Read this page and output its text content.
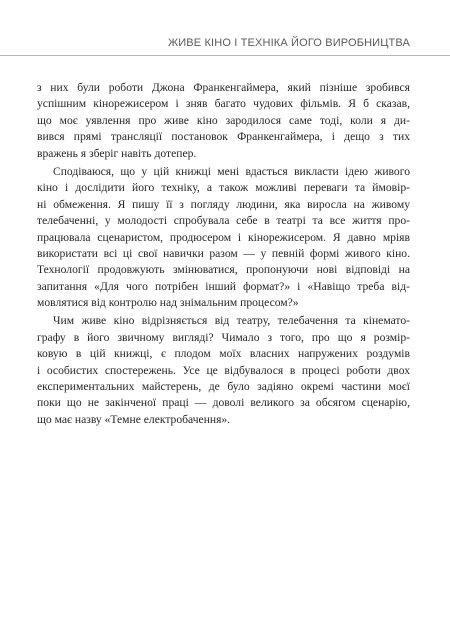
ЖИВЕ КІНО І ТЕХНІКА ЙОГО ВИРОБНИЦТВА
з них були роботи Джона Франкенгаймера, який пізніше зробився
успішним кінорежисером і зняв багато чудових фільмів. Я б сказав,
що моє уявлення про живе кіно зародилося саме тоді, коли я ди-
вився прямі трансляції постановок Франкенгаймера, і дещо з тих
вражень я зберіг навіть дотепер.
Сподіваюся, що у цій книжці мені вдасться викласти ідею живого
кіно і дослідити його техніку, а також можливі переваги та ймовір-
ні обмеження. Я пишу її з погляду людини, яка виросла на живому
телебаченні, у молодості спробувала себе в театрі та все життя про-
працювала сценаристом, продюсером і кінорежисером. Я давно мріяв
використати всі ці свої навички разом — у певній формі живого кіно.
Технології продовжують змінюватися, пропонуючи нові відповіді на
запитання «Для чого потрібен інший формат?» і «Навіщо треба від-
мовлятися від контролю над знімальним процесом?»
Чим живе кіно відрізняється від театру, телебачення та кінемато-
графу в його звичному вигляді? Чимало з того, про що я розмір-
ковую в цій книжці, є плодом моїх власних напружених роздумів
і особистих спостережень. Усе це відбувалося в процесі роботи двох
експериментальних майстерень, де було задіяно окремі частини моєї
поки що не закінченої праці — доволі великого за обсягом сценарію,
що має назву «Темне електробачення».
